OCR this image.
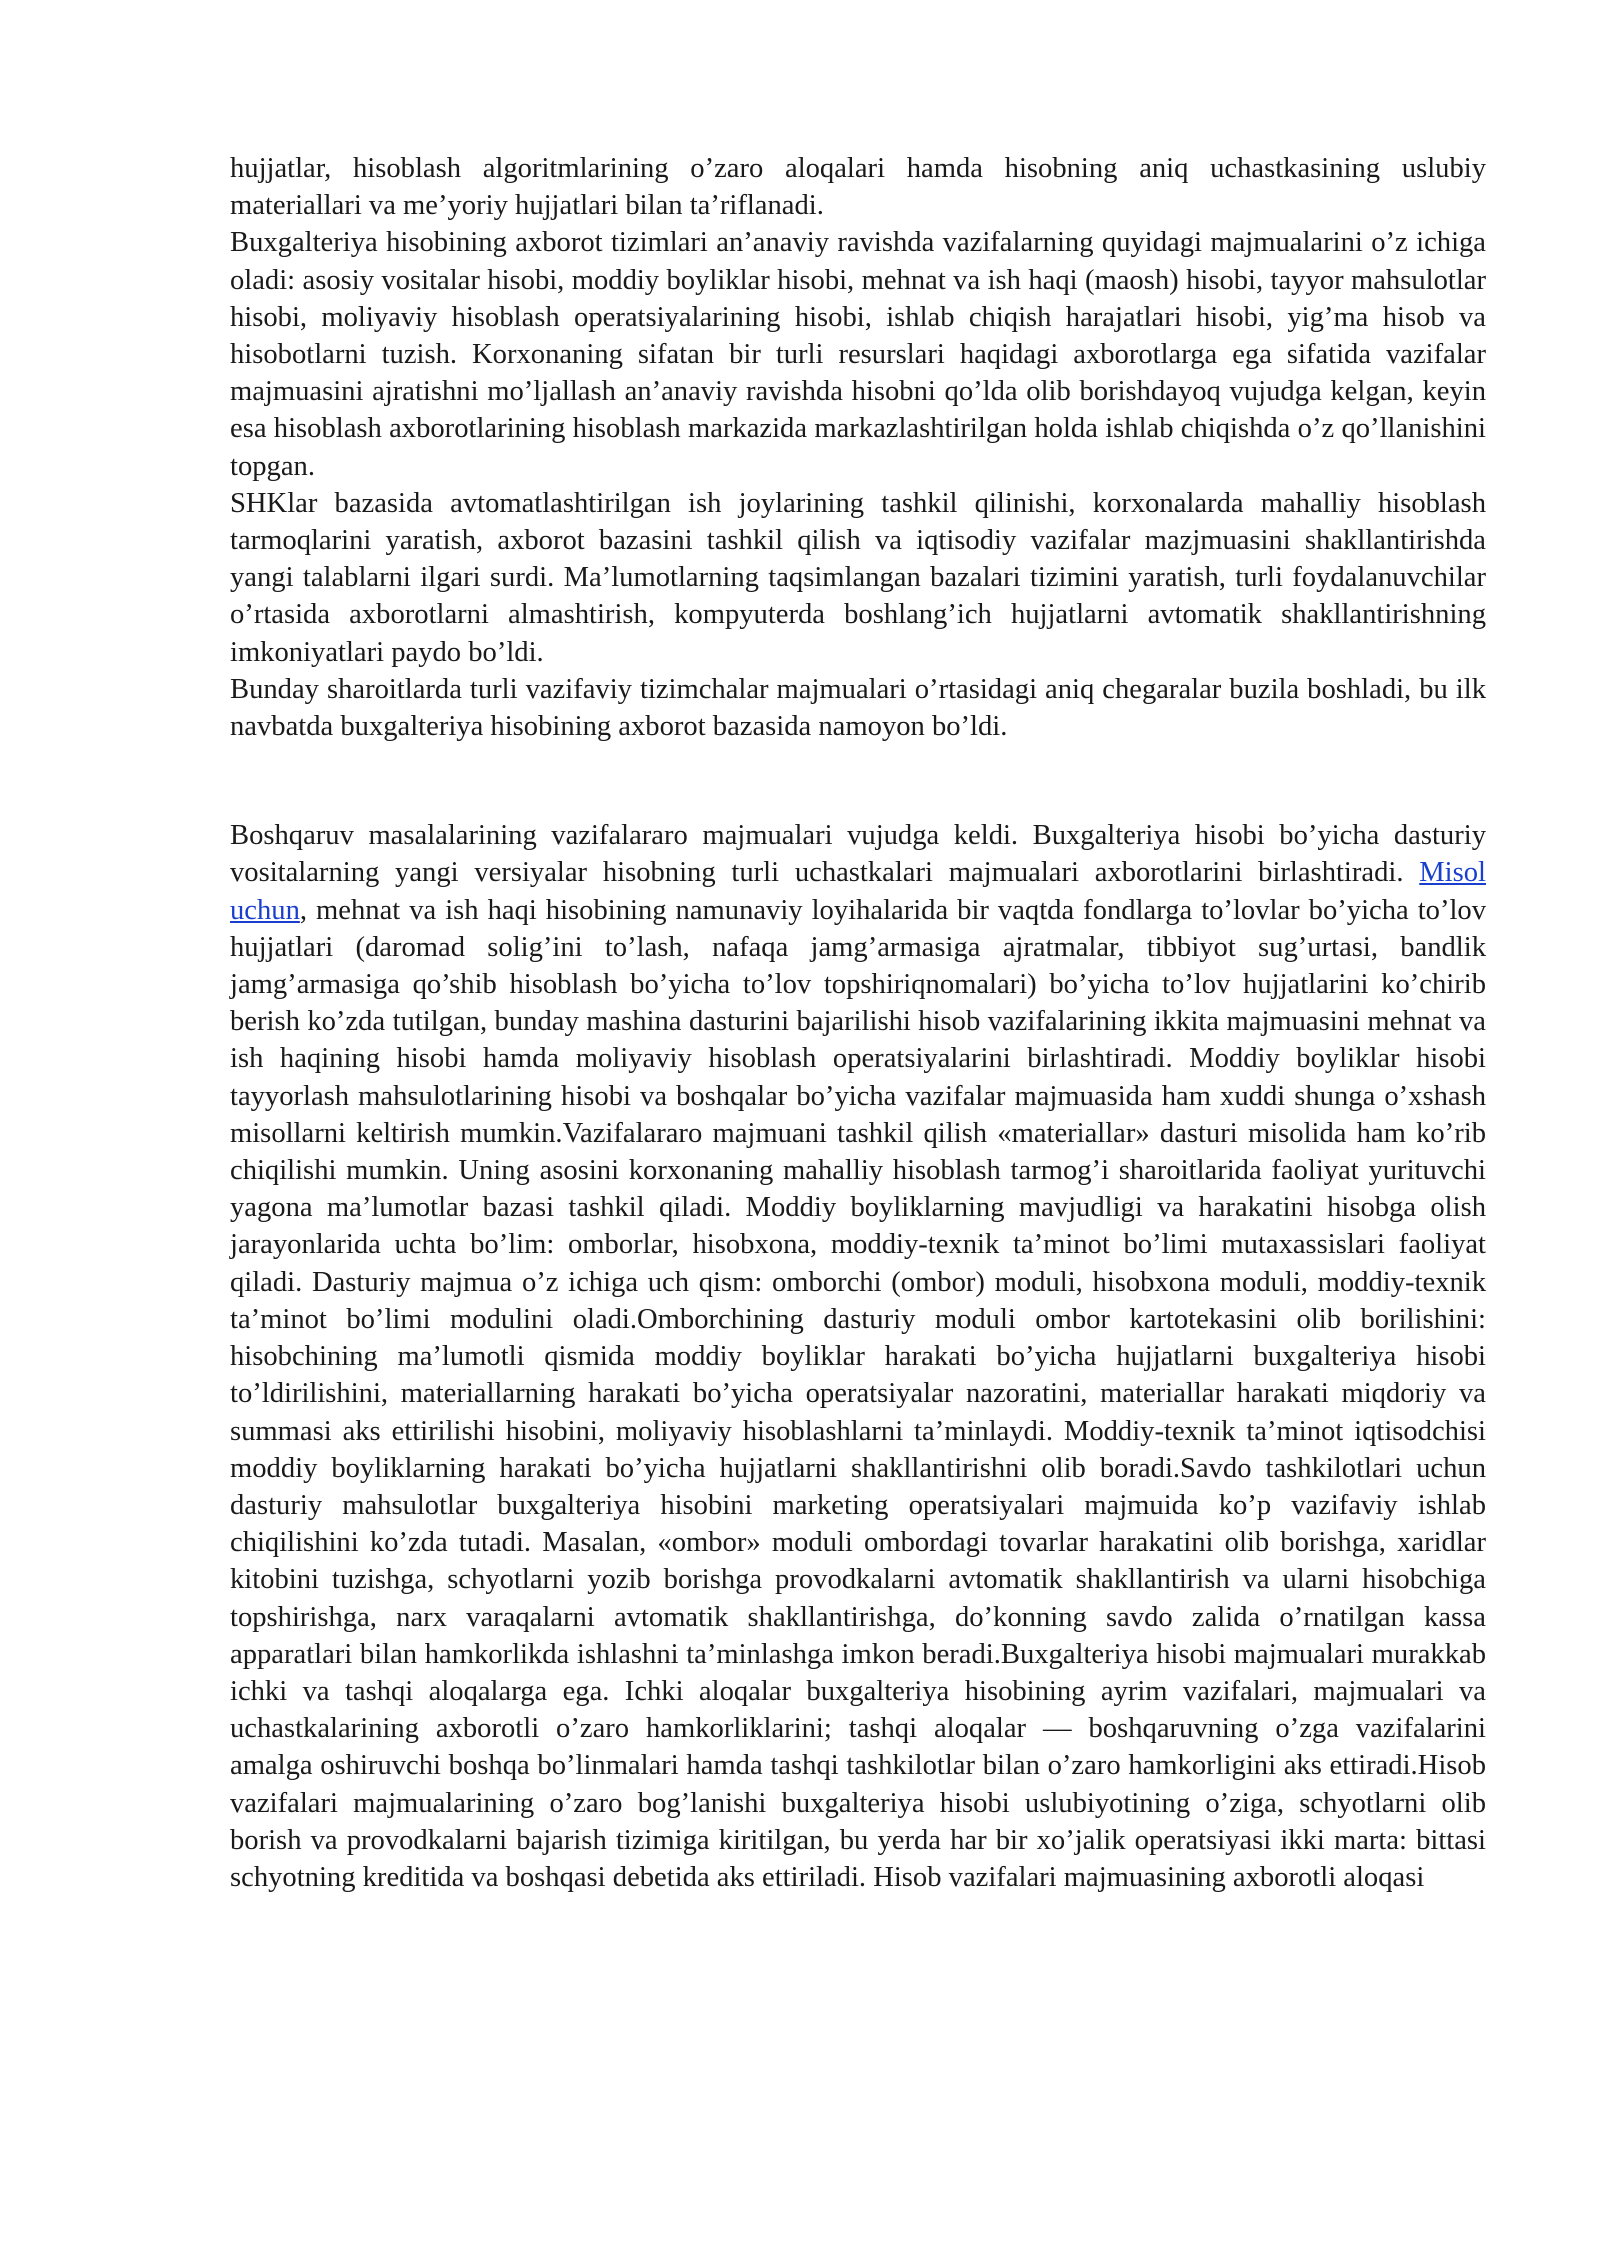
hujjatlar, hisoblash algoritmlarining o’zaro aloqalari hamda hisobning aniq uchastkasining uslubiy materiallari va me’yoriy hujjatlari bilan ta’riflanadi.

Buxgalteriya hisobining axborot tizimlari an’anaviy ravishda vazifalarning quyidagi majmualarini o’z ichiga oladi: asosiy vositalar hisobi, moddiy boyliklar hisobi, mehnat va ish haqi (maosh) hisobi, tayyor mahsulotlar hisobi, moliyaviy hisoblash operatsiyalarining hisobi, ishlab chiqish harajatlari hisobi, yig’ma hisob va hisobotlarni tuzish. Korxonaning sifatan bir turli resurslari haqidagi axborotlarga ega sifatida vazifalar majmuasini ajratishni mo’ljallash an’anaviy ravishda hisobni qo’lda olib borishdayoq vujudga kelgan, keyin esa hisoblash axborotlarining hisoblash markazida markazlashtirilgan holda ishlab chiqishda o’z qo’llanishini topgan.

SHKlar bazasida avtomatlashtirilgan ish joylarining tashkil qilinishi, korxonalarda mahalliy hisoblash tarmoqlarini yaratish, axborot bazasini tashkil qilish va iqtisodiy vazifalar mazjmuasini shakllantirishda yangi talablarni ilgari surdi. Ma’lumotlarning taqsimlangan bazalari tizimini yaratish, turli foydalanuvchilar o’rtasida axborotlarni almashtirish, kompyuterda boshlang’ich hujjatlarni avtomatik shakllantirishning imkoniyatlari paydo bo’ldi.

Bunday sharoitlarda turli vazifaviy tizimchalar majmualari o’rtasidagi aniq chegaralar buzila boshladi, bu ilk navbatda buxgalteriya hisobining axborot bazasida namoyon bo’ldi.

Boshqaruv masalalarining vazifalararo majmualari vujudga keldi. Buxgalteriya hisobi bo’yicha dasturiy vositalarning yangi versiyalar hisobning turli uchastkalari majmualari axborotlarini birlashtiradi. Misol uchun, mehnat va ish haqi hisobining namunaviy loyihalarida bir vaqtda fondlarga to’lovlar bo’yicha to’lov hujjatlari (daromad solig’ini to’lash, nafaqa jamg’armasiga ajratmalar, tibbiyot sug’urtasi, bandlik jamg’armasiga qo’shib hisoblash bo’yicha to’lov topshiriqnomalari) bo’yicha to’lov hujjatlarini ko’chirib berish ko’zda tutilgan, bunday mashina dasturini bajarilishi hisob vazifalarining ikkita majmuasini mehnat va ish haqining hisobi hamda moliyaviy hisoblash operatsiyalarini birlashtiradi. Moddiy boyliklar hisobi tayyorlash mahsulotlarining hisobi va boshqalar bo’yicha vazifalar majmuasida ham xuddi shunga o’xshash misollarni keltirish mumkin.Vazifalararo majmuani tashkil qilish «materiallar» dasturi misolida ham ko’rib chiqilishi mumkin. Uning asosini korxonaning mahalliy hisoblash tarmog’i sharoitlarida faoliyat yurituvchi yagona ma’lumotlar bazasi tashkil qiladi. Moddiy boyliklarning mavjudligi va harakatini hisobga olish jarayonlarida uchta bo’lim: omborlar, hisobxona, moddiy-texnik ta’minot bo’limi mutaxassislari faoliyat qiladi. Dasturiy majmua o’z ichiga uch qism: omborchi (ombor) moduli, hisobxona moduli, moddiy-texnik ta’minot bo’limi modulini oladi.Omborchining dasturiy moduli ombor kartotekasini olib borilishini: hisobchining ma’lumotli qismida moddiy boyliklar harakati bo’yicha hujjatlarni buxgalteriya hisobi to’ldirilishini, materiallarning harakati bo’yicha operatsiyalar nazoratini, materiallar harakati miqdoriy va summasi aks ettirilishi hisobini, moliyaviy hisoblashlarni ta’minlaydi. Moddiy-texnik ta’minot iqtisodchisi moddiy boyliklarning harakati bo’yicha hujjatlarni shakllantirishni olib boradi.Savdo tashkilotlari uchun dasturiy mahsulotlar buxgalteriya hisobini marketing operatsiyalari majmuida ko’p vazifaviy ishlab chiqilishini ko’zda tutadi. Masalan, «ombor» moduli ombordagi tovarlar harakatini olib borishga, xaridlar kitobini tuzishga, schyotlarni yozib borishga provodkalarni avtomatik shakllantirish va ularni hisobchiga topshirishga, narx varaqalarni avtomatik shakllantirishga, do’konning savdo zalida o’rnatilgan kassa apparatlari bilan hamkorlikda ishlashni ta’minlashga imkon beradi.Buxgalteriya hisobi majmualari murakkab ichki va tashqi aloqalarga ega. Ichki aloqalar buxgalteriya hisobining ayrim vazifalari, majmualari va uchastkalarining axborotli o’zaro hamkorliklarini; tashqi aloqalar — boshqaruvning o’zga vazifalarini amalga oshiruvchi boshqa bo’linmalari hamda tashqi tashkilotlar bilan o’zaro hamkorligini aks ettiradi.Hisob vazifalari majmualarining o’zaro bog’lanishi buxgalteriya hisobi uslubiyotining o’ziga, schyotlarni olib borish va provodkalarni bajarish tizimiga kiritilgan, bu yerda har bir xo’jalik operatsiyasi ikki marta: bittasi schyotning kreditida va boshqasi debetida aks ettiriladi. Hisob vazifalari majmuasining axborotli aloqasi
